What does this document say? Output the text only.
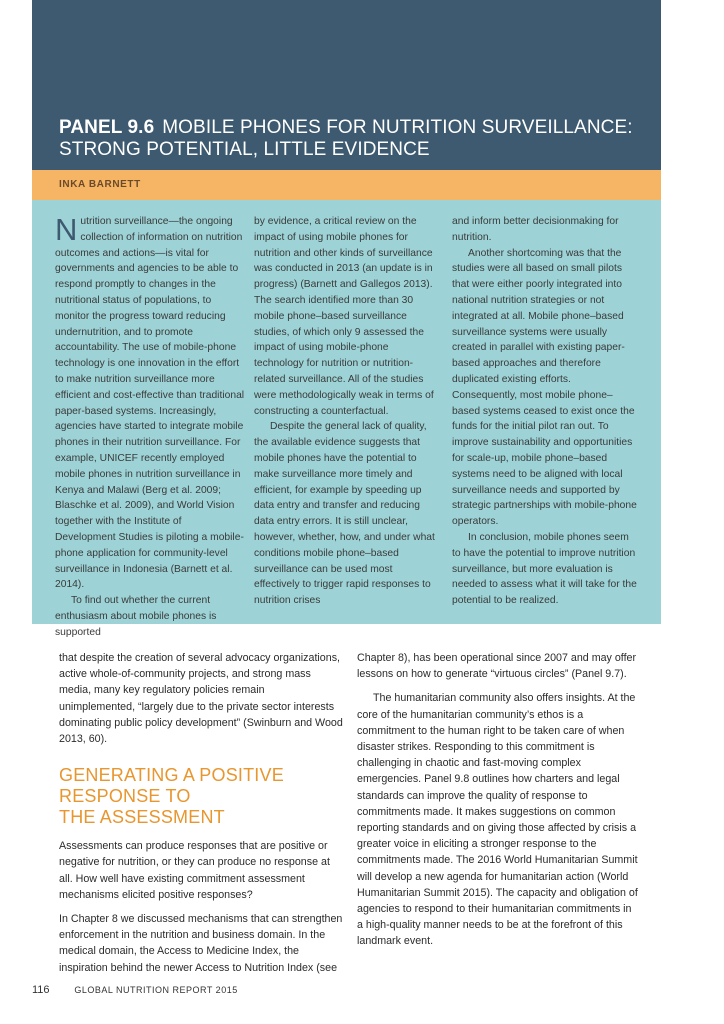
PANEL 9.6 MOBILE PHONES FOR NUTRITION SURVEILLANCE:
STRONG POTENTIAL, LITTLE EVIDENCE
INKA BARNETT

Nutrition surveillance—the ongoing collection of information on nutrition outcomes and actions—is vital for governments and agencies to be able to respond promptly to changes in the nutritional status of populations, to monitor the progress toward reducing undernutrition, and to promote accountability. The use of mobile-phone technology is one innovation in the effort to make nutrition surveillance more efficient and cost-effective than traditional paper-based systems. Increasingly, agencies have started to integrate mobile phones in their nutrition surveillance. For example, UNICEF recently employed mobile phones in nutrition surveillance in Kenya and Malawi (Berg et al. 2009; Blaschke et al. 2009), and World Vision together with the Institute of Development Studies is piloting a mobile-phone application for community-level surveillance in Indonesia (Barnett et al. 2014).

To find out whether the current enthusiasm about mobile phones is supported

by evidence, a critical review on the impact of using mobile phones for nutrition and other kinds of surveillance was conducted in 2013 (an update is in progress) (Barnett and Gallegos 2013). The search identified more than 30 mobile phone–based surveillance studies, of which only 9 assessed the impact of using mobile-phone technology for nutrition or nutrition-related surveillance. All of the studies were methodologically weak in terms of constructing a counterfactual.

Despite the general lack of quality, the available evidence suggests that mobile phones have the potential to make surveillance more timely and efficient, for example by speeding up data entry and transfer and reducing data entry errors. It is still unclear, however, whether, how, and under what conditions mobile phone–based surveillance can be used most effectively to trigger rapid responses to nutrition crises

and inform better decisionmaking for nutrition.

Another shortcoming was that the studies were all based on small pilots that were either poorly integrated into national nutrition strategies or not integrated at all. Mobile phone–based surveillance systems were usually created in parallel with existing paper-based approaches and therefore duplicated existing efforts. Consequently, most mobile phone–based systems ceased to exist once the funds for the initial pilot ran out. To improve sustainability and opportunities for scale-up, mobile phone–based systems need to be aligned with local surveillance needs and supported by strategic partnerships with mobile-phone operators.

In conclusion, mobile phones seem to have the potential to improve nutrition surveillance, but more evaluation is needed to assess what it will take for the potential to be realized.

that despite the creation of several advocacy organizations, active whole-of-community projects, and strong mass media, many key regulatory policies remain unimplemented, “largely due to the private sector interests dominating public policy development” (Swinburn and Wood 2013, 60).

GENERATING A POSITIVE RESPONSE TO
THE ASSESSMENT

Assessments can produce responses that are positive or negative for nutrition, or they can produce no response at all. How well have existing commitment assessment mechanisms elicited positive responses?

In Chapter 8 we discussed mechanisms that can strengthen enforcement in the nutrition and business domain. In the medical domain, the Access to Medicine Index, the inspiration behind the newer Access to Nutrition Index (see

Chapter 8), has been operational since 2007 and may offer lessons on how to generate “virtuous circles” (Panel 9.7).

The humanitarian community also offers insights. At the core of the humanitarian community’s ethos is a commitment to the human right to be taken care of when disaster strikes. Responding to this commitment is challenging in chaotic and fast-moving complex emergencies. Panel 9.8 outlines how charters and legal standards can improve the quality of response to commitments made. It makes suggestions on common reporting standards and on giving those affected by crisis a greater voice in eliciting a stronger response to the commitments made. The 2016 World Humanitarian Summit will develop a new agenda for humanitarian action (World Humanitarian Summit 2015). The capacity and obligation of agencies to respond to their humanitarian commitments in a high-quality manner needs to be at the forefront of this landmark event.

116	GLOBAL NUTRITION REPORT 2015
